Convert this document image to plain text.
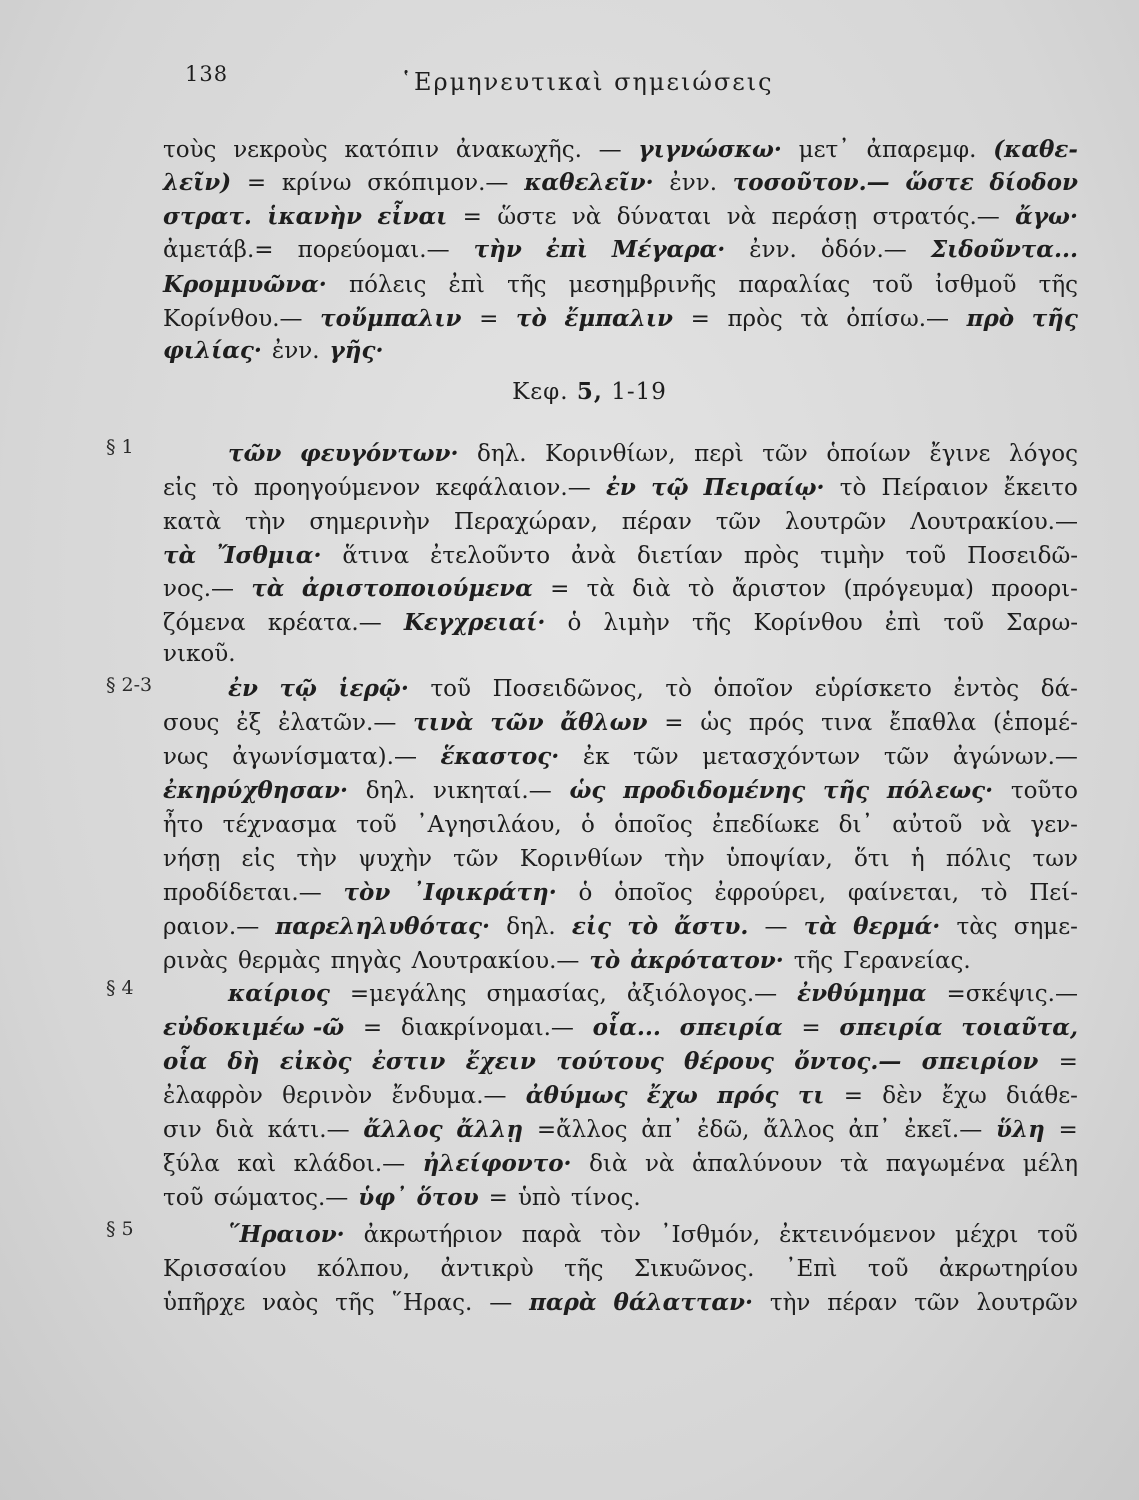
138	῾Ερμηνευτικαὶ σημειώσεις
Κεφ. 5, 1-19
§ 1
§ 2-3
§ 4
§ 5
τοὺς νεκροὺς κατόπιν ἀνακωχῆς. — γιγνώσκω· μετ᾿ ἀπαρεμφ. (καθε-
λεῖν) = κρίνω σκόπιμον.— καθελεῖν· ἐνν. τοσοῦτον.— ὥστε δίοδον
στρατ. ἱκανὴν εἶναι = ὥστε νὰ δύναται νὰ περάσῃ στρατός.— ἄγω·
ἀμετάβ.= πορεύομαι.— τὴν ἐπὶ Μέγαρα· ἐνν. ὁδόν.— Σιδοῦντα...
Κρομμυῶνα· πόλεις ἐπὶ τῆς μεσημβρινῆς παραλίας τοῦ ἰσθμοῦ τῆς
Κορίνθου.— τοὔμπαλιν = τὸ ἔμπαλιν = πρὸς τὰ ὀπίσω.— πρὸ τῆς
φιλίας· ἐνν. γῆς·
τῶν φευγόντων· δηλ. Κορινθίων, περὶ τῶν ὁποίων ἔγινε λόγος
εἰς τὸ προηγούμενον κεφάλαιον.— ἐν τῷ Πειραίῳ· τὸ Πείραιον ἔκειτο
κατὰ τὴν σημερινὴν Περαχώραν, πέραν τῶν λουτρῶν Λουτρακίου.—
τὰ Ἴσθμια· ἅτινα ἐτελοῦντο ἀνὰ διετίαν πρὸς τιμὴν τοῦ Ποσειδῶ-
νος.— τὰ ἀριστοποιούμενα = τὰ διὰ τὸ ἄριστον (πρόγευμα) προορι-
ζόμενα κρέατα.— Κεγχρειαί· ὁ λιμὴν τῆς Κορίνθου ἐπὶ τοῦ Σαρω-
νικοῦ.
ἐν τῷ ἱερῷ· τοῦ Ποσειδῶνος, τὸ ὁποῖον εὑρίσκετο ἐντὸς δά-
σους ἐξ ἐλατῶν.— τινὰ τῶν ἄθλων = ὡς πρός τινα ἔπαθλα (ἑπομέ-
νως ἀγωνίσματα).— ἕκαστος· ἐκ τῶν μετασχόντων τῶν ἀγώνων.—
ἐκηρύχθησαν· δηλ. νικηταί.— ὡς προδιδομένης τῆς πόλεως· τοῦτο
ἦτο τέχνασμα τοῦ ᾿Αγησιλάου, ὁ ὁποῖος ἐπεδίωκε δι᾿ αὐτοῦ νὰ γεν-
νήσῃ εἰς τὴν ψυχὴν τῶν Κορινθίων τὴν ὑποψίαν, ὅτι ἡ πόλις των
προδίδεται.— τὸν ᾿Ιφικράτη· ὁ ὁποῖος ἐφρούρει, φαίνεται, τὸ Πεί-
ραιον.— παρεληλυθότας· δηλ. εἰς τὸ ἄστυ. — τὰ θερμά· τὰς σημε-
ρινὰς θερμὰς πηγὰς Λουτρακίου.— τὸ ἀκρότατον· τῆς Γερανείας.
καίριος =μεγάλης σημασίας, ἀξιόλογος.— ἐνθύμημα =σκέψις.—
εὐδοκιμέω -ῶ = διακρίνομαι.— οἷα... σπειρία = σπειρία τοιαῦτα,
οἷα δὴ εἰκὸς ἐστιν ἔχειν τούτους θέρους ὄντος.— σπειρίον =
ἐλαφρὸν θερινὸν ἔνδυμα.— ἀθύμως ἔχω πρός τι = δὲν ἔχω διάθε-
σιν διὰ κάτι.— ἄλλος ἄλλῃ =ἄλλος ἀπ᾿ ἐδῶ, ἄλλος ἀπ᾿ ἐκεῖ.— ὕλη =
ξύλα καὶ κλάδοι.— ἠλείφοντο· διὰ νὰ ἁπαλύνουν τὰ παγωμένα μέλη
τοῦ σώματος.— ὑφ᾿ ὅτου = ὑπὸ τίνος.
῞Ηραιον· ἀκρωτήριον παρὰ τὸν ᾿Ισθμόν, ἐκτεινόμενον μέχρι τοῦ
Κρισσαίου κόλπου, ἀντικρὺ τῆς Σικυῶνος. ᾿Επὶ τοῦ ἀκρωτηρίου
ὑπῆρχε ναὸς τῆς ῞Ηρας. — παρὰ θάλατταν· τὴν πέραν τῶν λουτρῶν
